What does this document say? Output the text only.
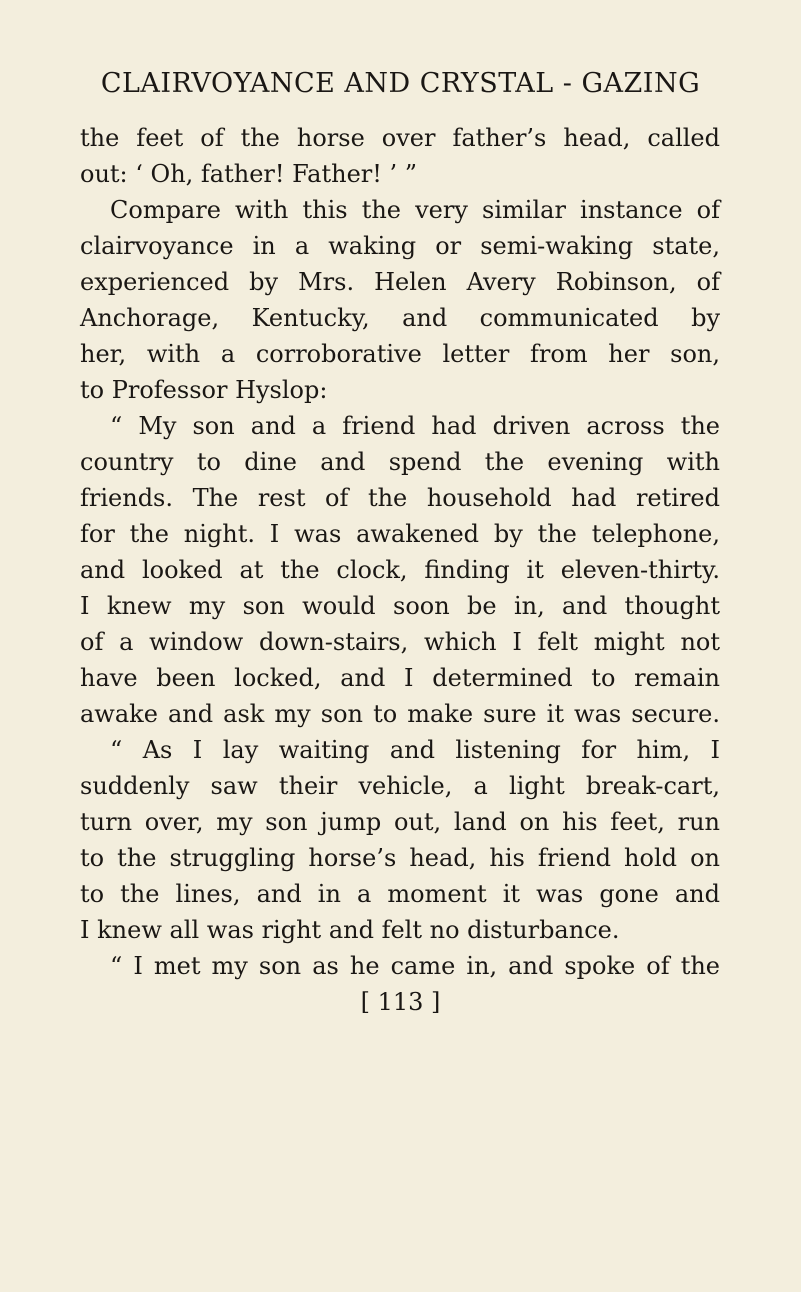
CLAIRVOYANCE AND CRYSTAL - GAZING
the feet of the horse over father’s head, called
out: ‘ Oh, father! Father! ’ ”
Compare with this the very similar instance of
clairvoyance in a waking or semi-waking state,
experienced by Mrs. Helen Avery Robinson, of
Anchorage, Kentucky, and communicated by
her, with a corroborative letter from her son,
to Professor Hyslop:
“ My son and a friend had driven across the
country to dine and spend the evening with
friends. The rest of the household had retired
for the night. I was awakened by the telephone,
and looked at the clock, finding it eleven-thirty.
I knew my son would soon be in, and thought
of a window down-stairs, which I felt might not
have been locked, and I determined to remain
awake and ask my son to make sure it was secure.
“ As I lay waiting and listening for him, I
suddenly saw their vehicle, a light break-cart,
turn over, my son jump out, land on his feet, run
to the struggling horse’s head, his friend hold on
to the lines, and in a moment it was gone and
I knew all was right and felt no disturbance.
“ I met my son as he came in, and spoke of the
[ 113 ]
